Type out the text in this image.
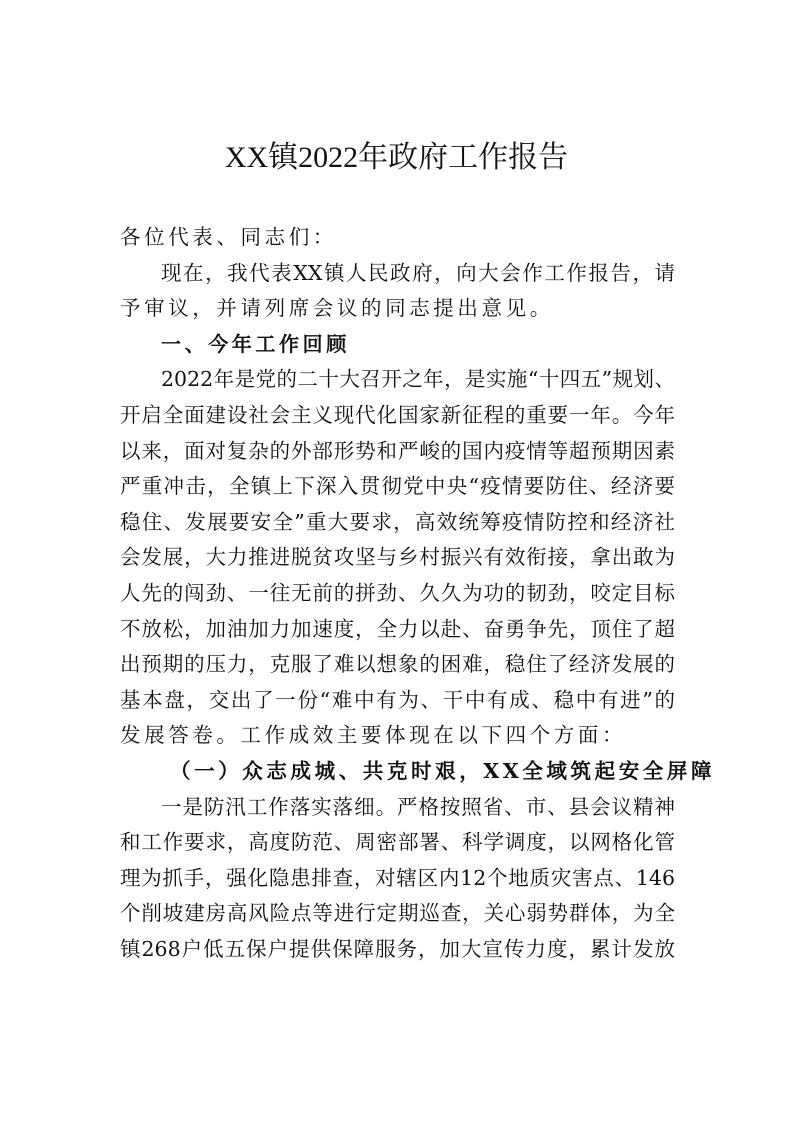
XX镇2022年政府工作报告
各位代表、同志们：
现在，我代表XX镇人民政府，向大会作工作报告，请
予审议，并请列席会议的同志提出意见。
一、今年工作回顾
2022年是党的二十大召开之年，是实施“十四五”规划、
开启全面建设社会主义现代化国家新征程的重要一年。今年
以来，面对复杂的外部形势和严峻的国内疫情等超预期因素
严重冲击，全镇上下深入贯彻党中央“疫情要防住、经济要
稳住、发展要安全”重大要求，高效统筹疫情防控和经济社
会发展，大力推进脱贫攻坚与乡村振兴有效衔接，拿出敢为
人先的闯劲、一往无前的拼劲、久久为功的韧劲，咬定目标
不放松，加油加力加速度，全力以赴、奋勇争先，顶住了超
出预期的压力，克服了难以想象的困难，稳住了经济发展的
基本盘，交出了一份“难中有为、干中有成、稳中有进”的
发展答卷。工作成效主要体现在以下四个方面：
（一）众志成城、共克时艰，XX全域筑起安全屏障
一是防汛工作落实落细。严格按照省、市、县会议精神
和工作要求，高度防范、周密部署、科学调度，以网格化管
理为抓手，强化隐患排查，对辖区内12个地质灾害点、146
个削坡建房高风险点等进行定期巡查，关心弱势群体，为全
镇268户低五保户提供保障服务，加大宣传力度，累计发放
